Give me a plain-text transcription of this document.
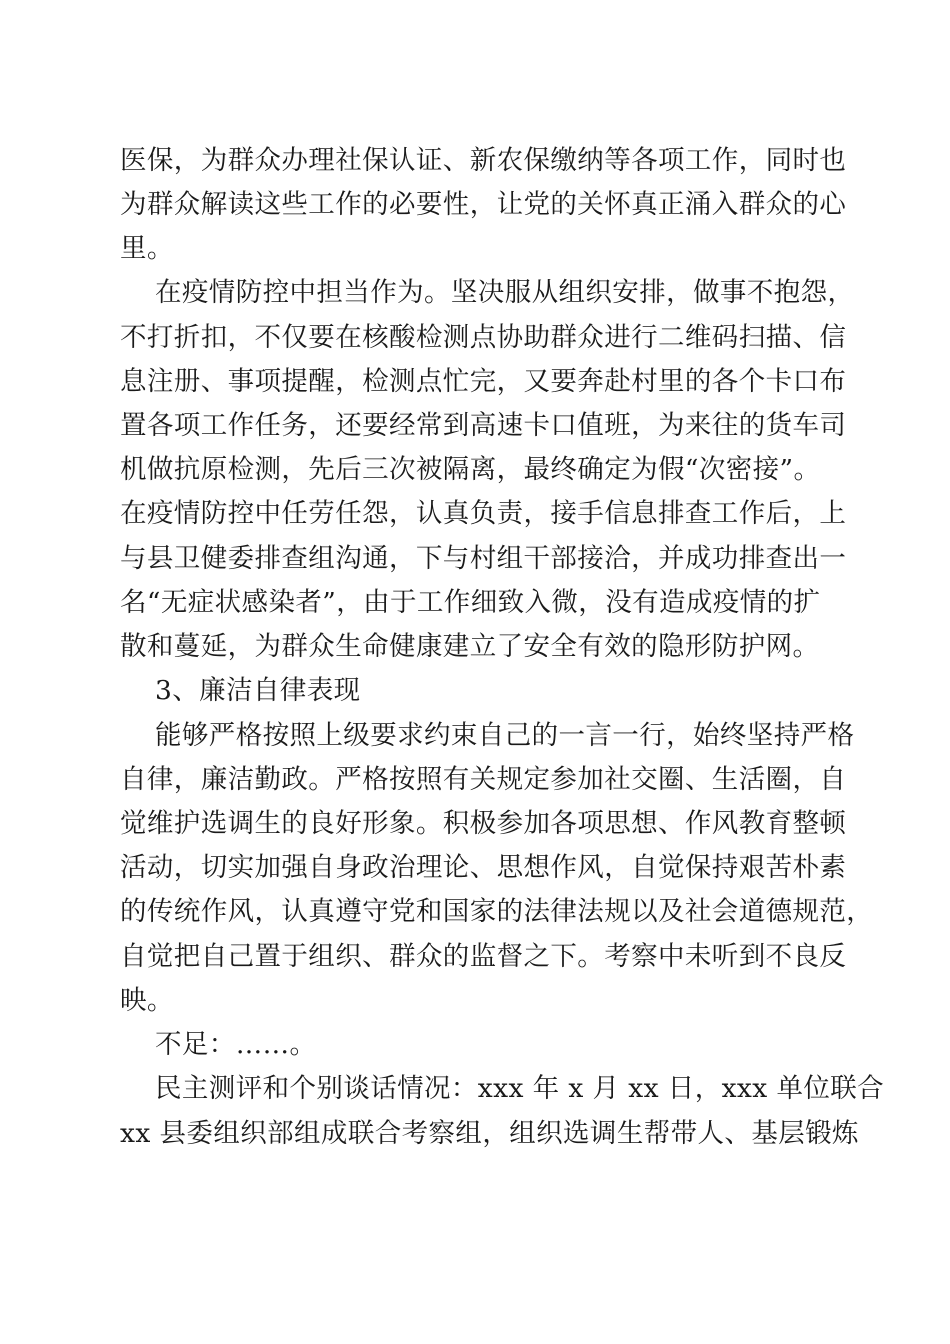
医保，为群众办理社保认证、新农保缴纳等各项工作，同时也
为群众解读这些工作的必要性，让党的关怀真正涌入群众的心
里。
在疫情防控中担当作为。坚决服从组织安排，做事不抱怨，
不打折扣，不仅要在核酸检测点协助群众进行二维码扫描、信
息注册、事项提醒，检测点忙完，又要奔赴村里的各个卡口布
置各项工作任务，还要经常到高速卡口值班，为来往的货车司
机做抗原检测，先后三次被隔离，最终确定为假“次密接”。
在疫情防控中任劳任怨，认真负责，接手信息排查工作后，上
与县卫健委排查组沟通，下与村组干部接洽，并成功排查出一
名“无症状感染者”，由于工作细致入微，没有造成疫情的扩
散和蔓延，为群众生命健康建立了安全有效的隐形防护网。
3、廉洁自律表现
能够严格按照上级要求约束自己的一言一行，始终坚持严格
自律，廉洁勤政。严格按照有关规定参加社交圈、生活圈，自
觉维护选调生的良好形象。积极参加各项思想、作风教育整顿
活动，切实加强自身政治理论、思想作风，自觉保持艰苦朴素
的传统作风，认真遵守党和国家的法律法规以及社会道德规范，
自觉把自己置于组织、群众的监督之下。考察中未听到不良反
映。
不足：……。
民主测评和个别谈话情况：xxx 年 x 月 xx 日，xxx 单位联合
xx 县委组织部组成联合考察组，组织选调生帮带人、基层锻炼
